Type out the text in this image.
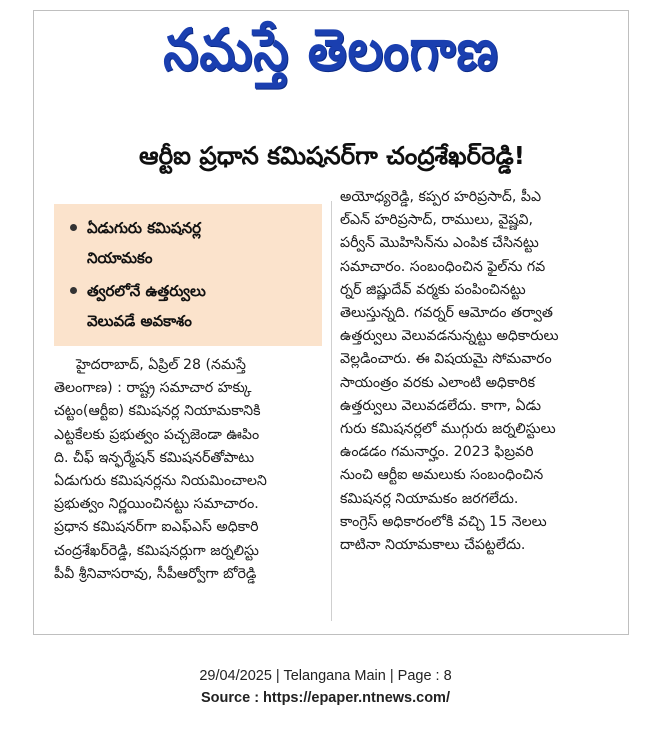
నమస్తే తెలంగాణ
ఆర్టీఐ ప్రధాన కమిషనర్‌గా చంద్రశేఖర్‌రెడ్డి!
ఏడుగురు కమిషనర్ల
నియామకం
త్వరలోనే ఉత్తర్వులు
వెలువడే అవకాశం

హైదరాబాద్, ఏప్రిల్ 28 (నమస్తే

తెలంగాణ) : రాష్ట్ర సమాచార హక్కు

చట్టం(ఆర్టీఐ) కమిషనర్ల నియామకానికి

ఎట్టకేలకు ప్రభుత్వం పచ్చజెండా ఊపిం

ది. చీఫ్ ఇన్ఫర్మేషన్ కమిషనర్‌తోపాటు

ఏడుగురు కమిషనర్లను నియమించాలని

ప్రభుత్వం నిర్ణయించినట్టు సమాచారం.

ప్రధాన కమిషనర్‌గా ఐఎఫ్ఎస్ అధికారి

చంద్రశేఖర్‌రెడ్డి, కమిషనర్లుగా జర్నలిస్టు

పీవీ శ్రీనివాసరావు, సీపీఆర్వోగా బోరెడ్డి

అయోధ్యరెడ్డి, కప్పర హరిప్రసాద్, పీఎ

ల్ఎన్ హరిప్రసాద్, రాములు, వైష్ణవి,

పర్వీన్ మొహిసిన్‌ను ఎంపిక చేసినట్టు

సమాచారం. సంబంధించిన ఫైల్‌ను గవ

ర్నర్ జిష్ణుదేవ్ వర్మకు పంపించినట్టు

తెలుస్తున్నది. గవర్నర్ ఆమోదం తర్వాత

ఉత్తర్వులు వెలువడనున్నట్టు అధికారులు

వెల్లడించారు. ఈ విషయమై సోమవారం

సాయంత్రం వరకు ఎలాంటి అధికారిక

ఉత్తర్వులు వెలువడలేదు. కాగా, ఏడు

గురు కమిషనర్లలో ముగ్గురు జర్నలిస్టులు

ఉండడం గమనార్హం. 2023 ఫిబ్రవరి

నుంచి ఆర్టీఐ అమలుకు సంబంధించిన

కమిషనర్ల నియామకం జరగలేదు.

కాంగ్రెస్ అధికారంలోకి వచ్చి 15 నెలలు

దాటినా నియామకాలు చేపట్టలేదు.

29/04/2025 | Telangana Main | Page : 8
Source : https://epaper.ntnews.com/
